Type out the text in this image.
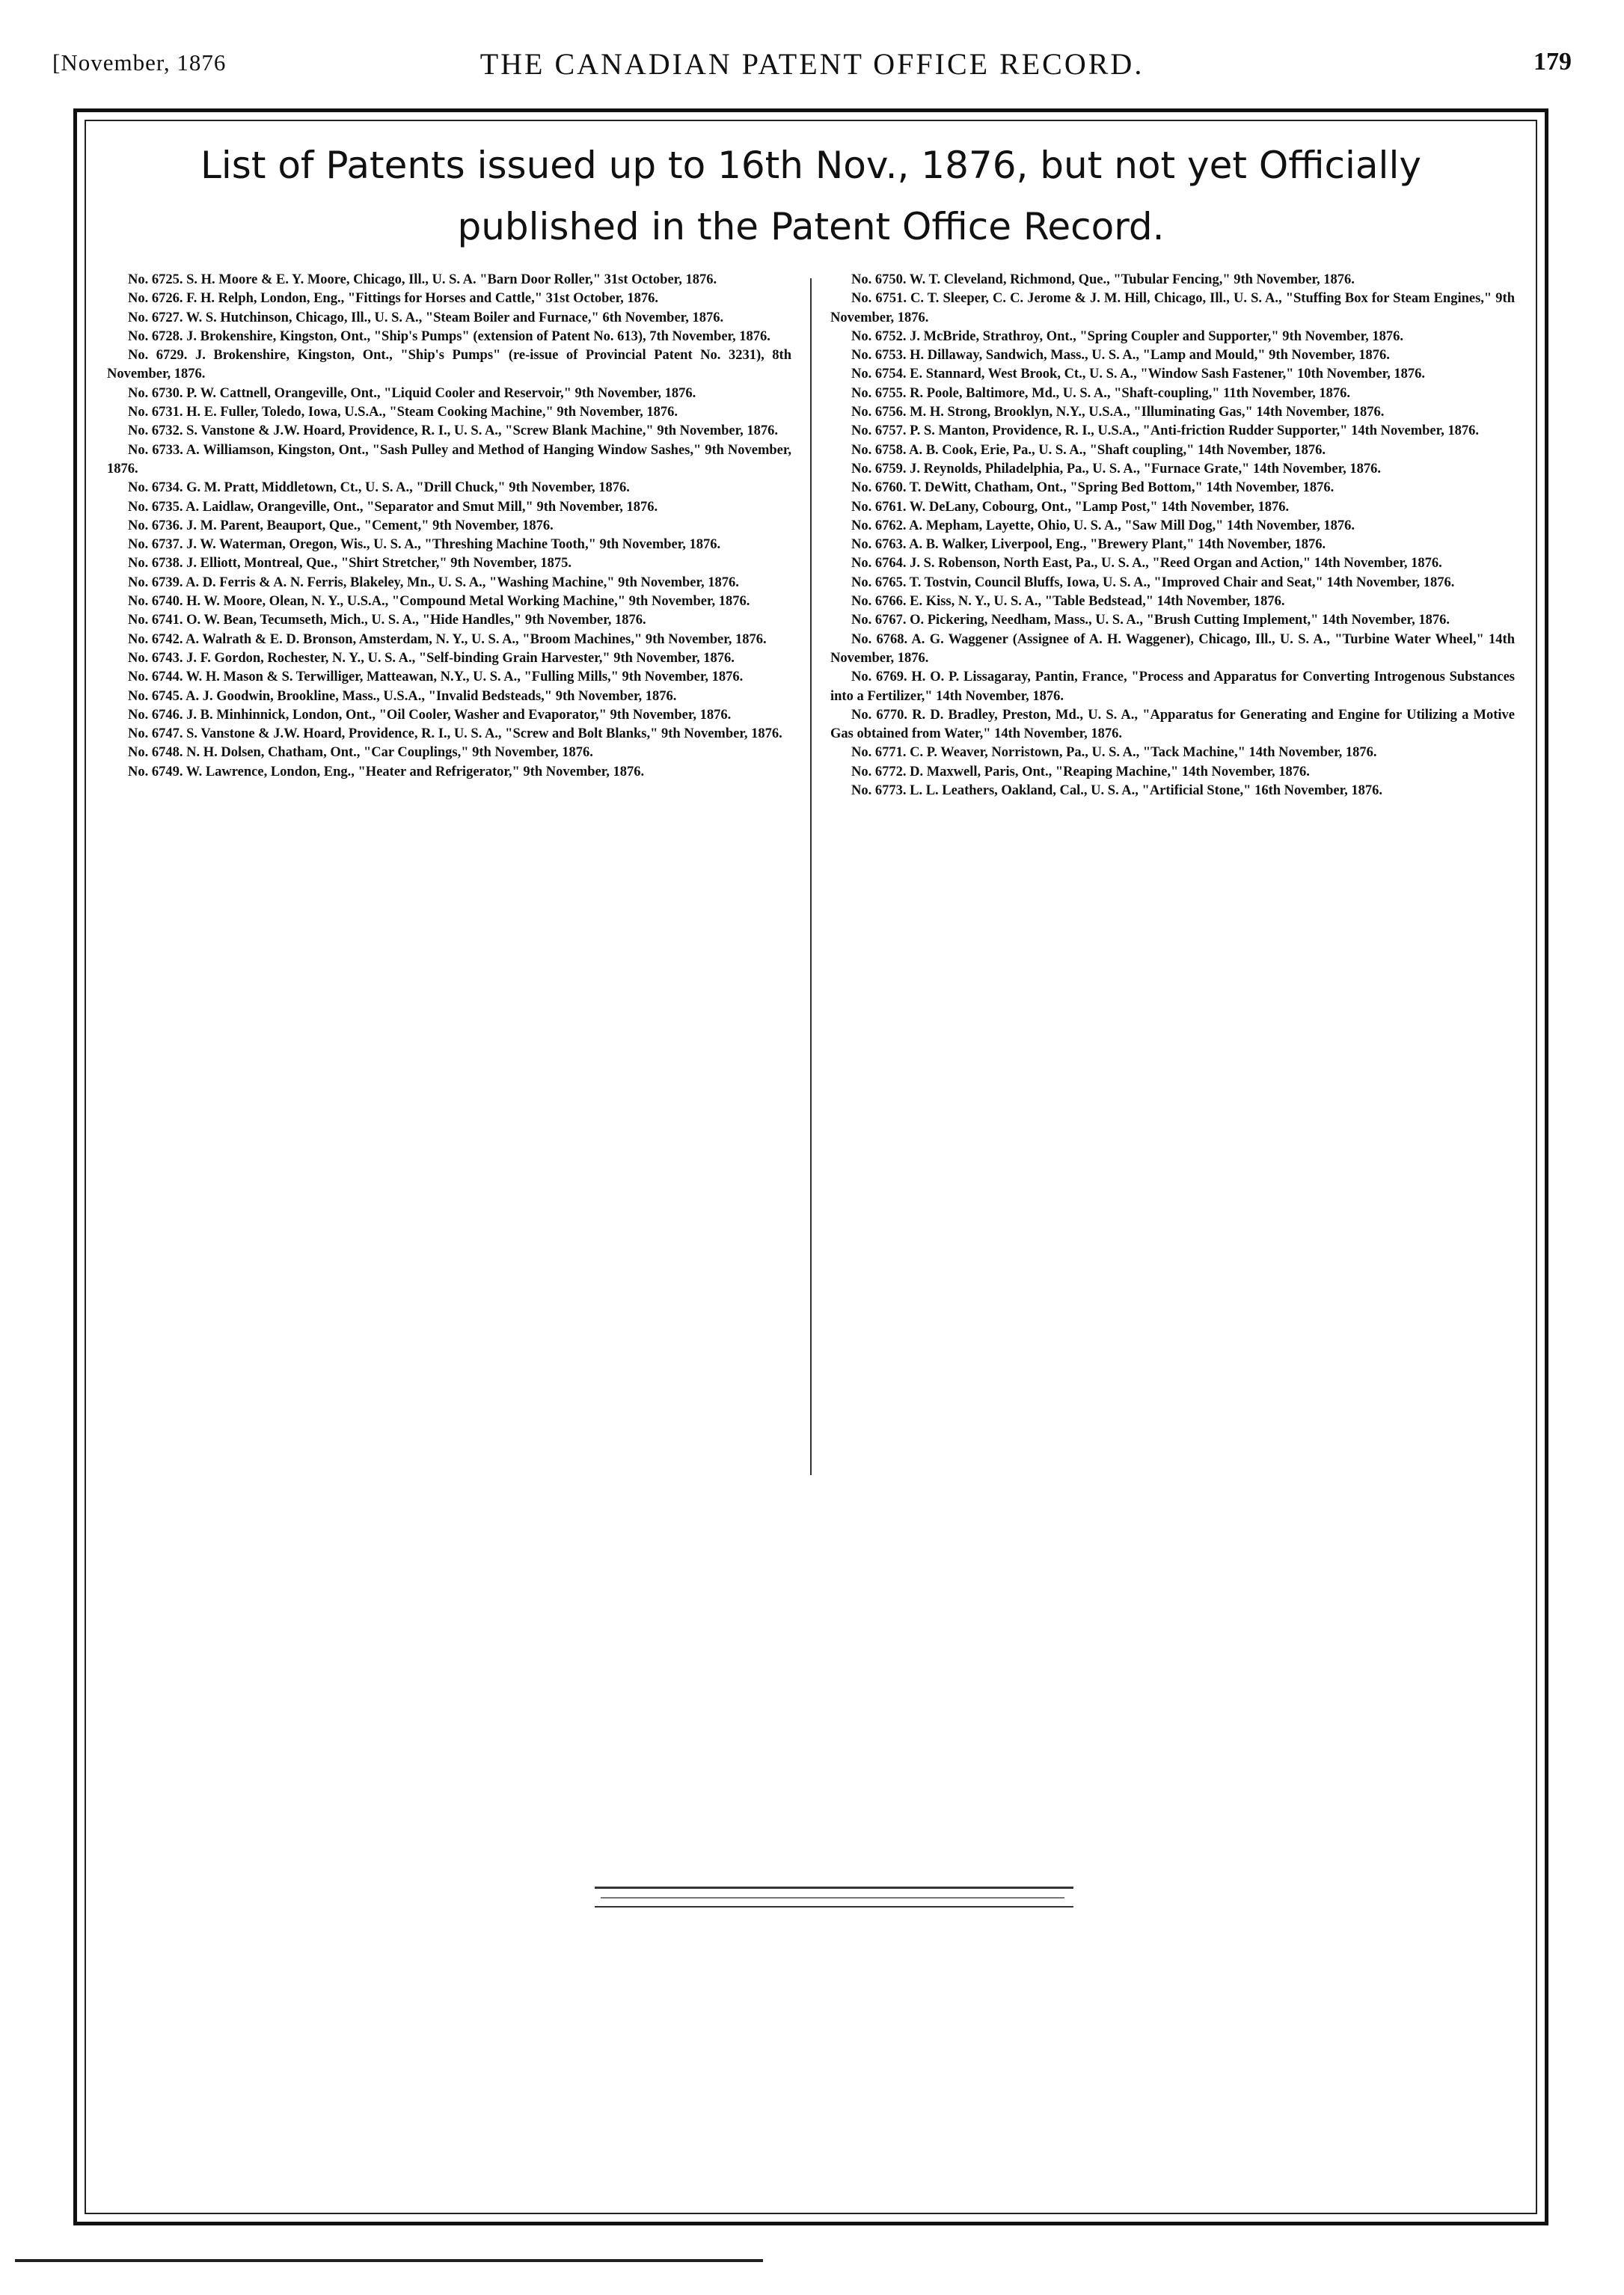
[November, 1876	THE CANADIAN PATENT OFFICE RECORD.	179
List of Patents issued up to 16th Nov., 1876, but not yet Officially
published in the Patent Office Record.

No. 6725. S. H. Moore & E. Y. Moore, Chicago, Ill., U. S. A. "Barn Door Roller," 31st October, 1876.

No. 6726. F. H. Relph, London, Eng., "Fittings for Horses and Cattle," 31st October, 1876.

No. 6727. W. S. Hutchinson, Chicago, Ill., U. S. A., "Steam Boiler and Furnace," 6th November, 1876.

No. 6728. J. Brokenshire, Kingston, Ont., "Ship's Pumps" (extension of Patent No. 613), 7th November, 1876.

No. 6729. J. Brokenshire, Kingston, Ont., "Ship's Pumps" (re-issue of Provincial Patent No. 3231), 8th November, 1876.

No. 6730. P. W. Cattnell, Orangeville, Ont., "Liquid Cooler and Reservoir," 9th November, 1876.

No. 6731. H. E. Fuller, Toledo, Iowa, U.S.A., "Steam Cooking Machine," 9th November, 1876.

No. 6732. S. Vanstone & J.W. Hoard, Providence, R. I., U. S. A., "Screw Blank Machine," 9th November, 1876.

No. 6733. A. Williamson, Kingston, Ont., "Sash Pulley and Method of Hanging Window Sashes," 9th November, 1876.

No. 6734. G. M. Pratt, Middletown, Ct., U. S. A., "Drill Chuck," 9th November, 1876.

No. 6735. A. Laidlaw, Orangeville, Ont., "Separator and Smut Mill," 9th November, 1876.

No. 6736. J. M. Parent, Beauport, Que., "Cement," 9th November, 1876.

No. 6737. J. W. Waterman, Oregon, Wis., U. S. A., "Threshing Machine Tooth," 9th November, 1876.

No. 6738. J. Elliott, Montreal, Que., "Shirt Stretcher," 9th November, 1875.

No. 6739. A. D. Ferris & A. N. Ferris, Blakeley, Mn., U. S. A., "Washing Machine," 9th November, 1876.

No. 6740. H. W. Moore, Olean, N. Y., U.S.A., "Compound Metal Working Machine," 9th November, 1876.

No. 6741. O. W. Bean, Tecumseth, Mich., U. S. A., "Hide Handles," 9th November, 1876.

No. 6742. A. Walrath & E. D. Bronson, Amsterdam, N. Y., U. S. A., "Broom Machines," 9th November, 1876.

No. 6743. J. F. Gordon, Rochester, N. Y., U. S. A., "Self-binding Grain Harvester," 9th November, 1876.

No. 6744. W. H. Mason & S. Terwilliger, Matteawan, N.Y., U. S. A., "Fulling Mills," 9th November, 1876.

No. 6745. A. J. Goodwin, Brookline, Mass., U.S.A., "Invalid Bedsteads," 9th November, 1876.

No. 6746. J. B. Minhinnick, London, Ont., "Oil Cooler, Washer and Evaporator," 9th November, 1876.

No. 6747. S. Vanstone & J.W. Hoard, Providence, R. I., U. S. A., "Screw and Bolt Blanks," 9th November, 1876.

No. 6748. N. H. Dolsen, Chatham, Ont., "Car Couplings," 9th November, 1876.

No. 6749. W. Lawrence, London, Eng., "Heater and Refrigerator," 9th November, 1876.

No. 6750. W. T. Cleveland, Richmond, Que., "Tubular Fencing," 9th November, 1876.

No. 6751. C. T. Sleeper, C. C. Jerome & J. M. Hill, Chicago, Ill., U. S. A., "Stuffing Box for Steam Engines," 9th November, 1876.

No. 6752. J. McBride, Strathroy, Ont., "Spring Coupler and Supporter," 9th November, 1876.

No. 6753. H. Dillaway, Sandwich, Mass., U. S. A., "Lamp and Mould," 9th November, 1876.

No. 6754. E. Stannard, West Brook, Ct., U. S. A., "Window Sash Fastener," 10th November, 1876.

No. 6755. R. Poole, Baltimore, Md., U. S. A., "Shaft-coupling," 11th November, 1876.

No. 6756. M. H. Strong, Brooklyn, N.Y., U.S.A., "Illuminating Gas," 14th November, 1876.

No. 6757. P. S. Manton, Providence, R. I., U.S.A., "Anti-friction Rudder Supporter," 14th November, 1876.

No. 6758. A. B. Cook, Erie, Pa., U. S. A., "Shaft coupling," 14th November, 1876.

No. 6759. J. Reynolds, Philadelphia, Pa., U. S. A., "Furnace Grate," 14th November, 1876.

No. 6760. T. DeWitt, Chatham, Ont., "Spring Bed Bottom," 14th November, 1876.

No. 6761. W. DeLany, Cobourg, Ont., "Lamp Post," 14th November, 1876.

No. 6762. A. Mepham, Layette, Ohio, U. S. A., "Saw Mill Dog," 14th November, 1876.

No. 6763. A. B. Walker, Liverpool, Eng., "Brewery Plant," 14th November, 1876.

No. 6764. J. S. Robenson, North East, Pa., U. S. A., "Reed Organ and Action," 14th November, 1876.

No. 6765. T. Tostvin, Council Bluffs, Iowa, U. S. A., "Improved Chair and Seat," 14th November, 1876.

No. 6766. E. Kiss, N. Y., U. S. A., "Table Bedstead," 14th November, 1876.

No. 6767. O. Pickering, Needham, Mass., U. S. A., "Brush Cutting Implement," 14th November, 1876.

No. 6768. A. G. Waggener (Assignee of A. H. Waggener), Chicago, Ill., U. S. A., "Turbine Water Wheel," 14th November, 1876.

No. 6769. H. O. P. Lissagaray, Pantin, France, "Process and Apparatus for Converting Introgenous Substances into a Fertilizer," 14th November, 1876.

No. 6770. R. D. Bradley, Preston, Md., U. S. A., "Apparatus for Generating and Engine for Utilizing a Motive Gas obtained from Water," 14th November, 1876.

No. 6771. C. P. Weaver, Norristown, Pa., U. S. A., "Tack Machine," 14th November, 1876.

No. 6772. D. Maxwell, Paris, Ont., "Reaping Machine," 14th November, 1876.

No. 6773. L. L. Leathers, Oakland, Cal., U. S. A., "Artificial Stone," 16th November, 1876.
